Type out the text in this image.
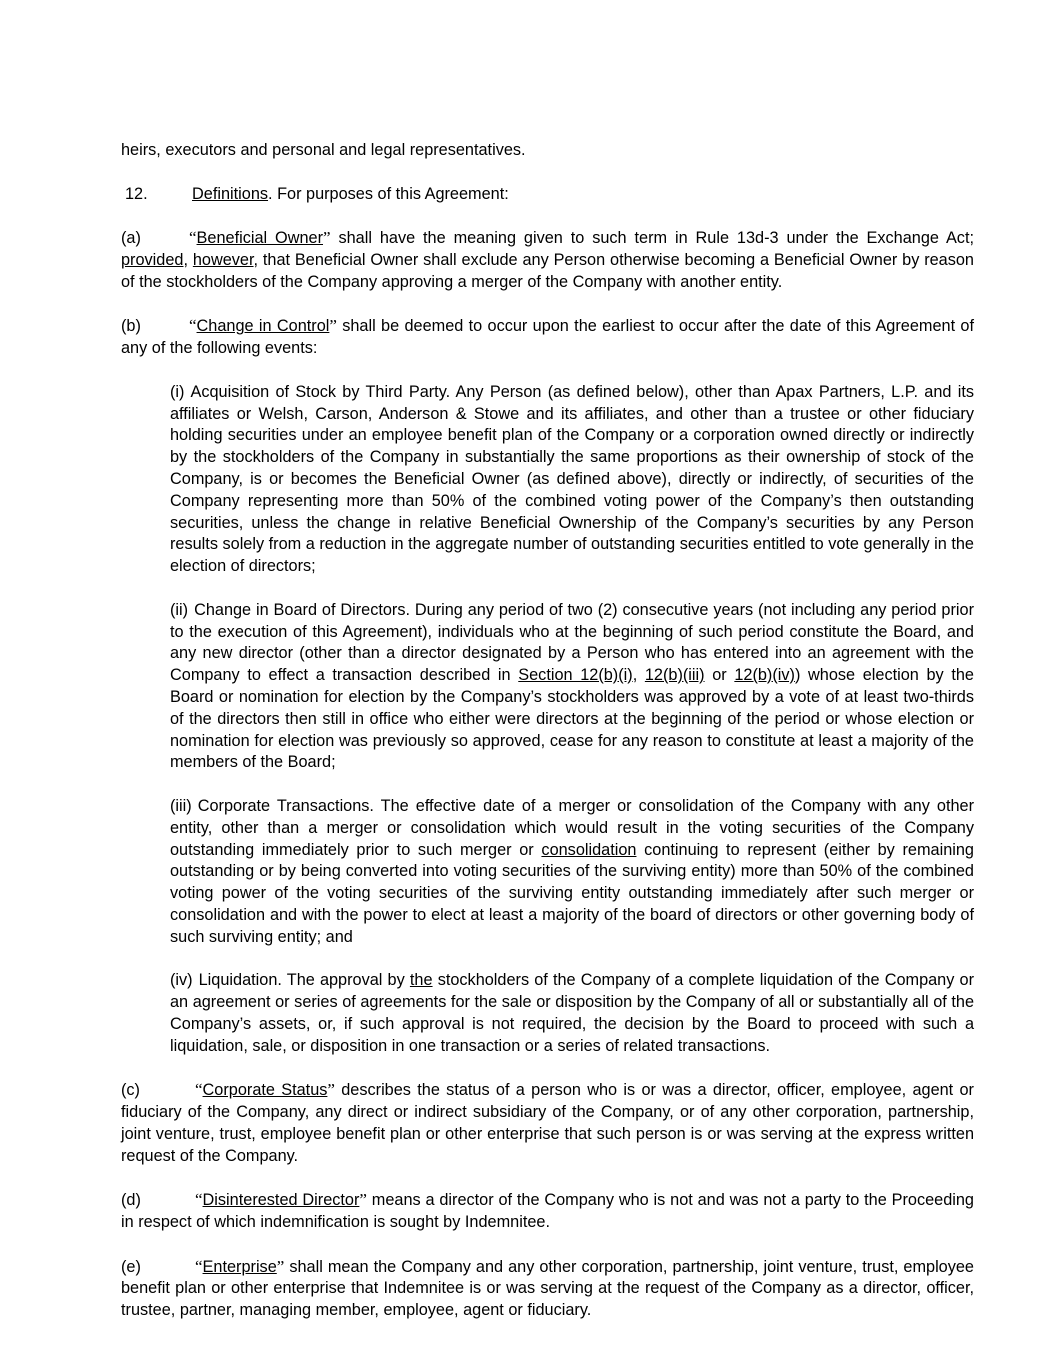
heirs, executors and personal and legal representatives.

12.	Definitions. For purposes of this Agreement:

(a)	“Beneficial Owner” shall have the meaning given to such term in Rule 13d-3 under the Exchange Act; provided, however, that Beneficial Owner shall exclude any Person otherwise becoming a Beneficial Owner by reason of the stockholders of the Company approving a merger of the Company with another entity.

(b)	“Change in Control” shall be deemed to occur upon the earliest to occur after the date of this Agreement of any of the following events:

(i) Acquisition of Stock by Third Party. Any Person (as defined below), other than Apax Partners, L.P. and its affiliates or Welsh, Carson, Anderson & Stowe and its affiliates, and other than a trustee or other fiduciary holding securities under an employee benefit plan of the Company or a corporation owned directly or indirectly by the stockholders of the Company in substantially the same proportions as their ownership of stock of the Company, is or becomes the Beneficial Owner (as defined above), directly or indirectly, of securities of the Company representing more than 50% of the combined voting power of the Company’s then outstanding securities, unless the change in relative Beneficial Ownership of the Company’s securities by any Person results solely from a reduction in the aggregate number of outstanding securities entitled to vote generally in the election of directors;

(ii) Change in Board of Directors. During any period of two (2) consecutive years (not including any period prior to the execution of this Agreement), individuals who at the beginning of such period constitute the Board, and any new director (other than a director designated by a Person who has entered into an agreement with the Company to effect a transaction described in Section 12(b)(i), 12(b)(iii) or 12(b)(iv)) whose election by the Board or nomination for election by the Company’s stockholders was approved by a vote of at least two-thirds of the directors then still in office who either were directors at the beginning of the period or whose election or nomination for election was previously so approved, cease for any reason to constitute at least a majority of the members of the Board;

(iii) Corporate Transactions. The effective date of a merger or consolidation of the Company with any other entity, other than a merger or consolidation which would result in the voting securities of the Company outstanding immediately prior to such merger or consolidation continuing to represent (either by remaining outstanding or by being converted into voting securities of the surviving entity) more than 50% of the combined voting power of the voting securities of the surviving entity outstanding immediately after such merger or consolidation and with the power to elect at least a majority of the board of directors or other governing body of such surviving entity; and

(iv) Liquidation. The approval by the stockholders of the Company of a complete liquidation of the Company or an agreement or series of agreements for the sale or disposition by the Company of all or substantially all of the Company’s assets, or, if such approval is not required, the decision by the Board to proceed with such a liquidation, sale, or disposition in one transaction or a series of related transactions.

(c)	“Corporate Status” describes the status of a person who is or was a director, officer, employee, agent or fiduciary of the Company, any direct or indirect subsidiary of the Company, or of any other corporation, partnership, joint venture, trust, employee benefit plan or other enterprise that such person is or was serving at the express written request of the Company.

(d)	“Disinterested Director” means a director of the Company who is not and was not a party to the Proceeding in respect of which indemnification is sought by Indemnitee.

(e)	“Enterprise” shall mean the Company and any other corporation, partnership, joint venture, trust, employee benefit plan or other enterprise that Indemnitee is or was serving at the request of the Company as a director, officer, trustee, partner, managing member, employee, agent or fiduciary.
